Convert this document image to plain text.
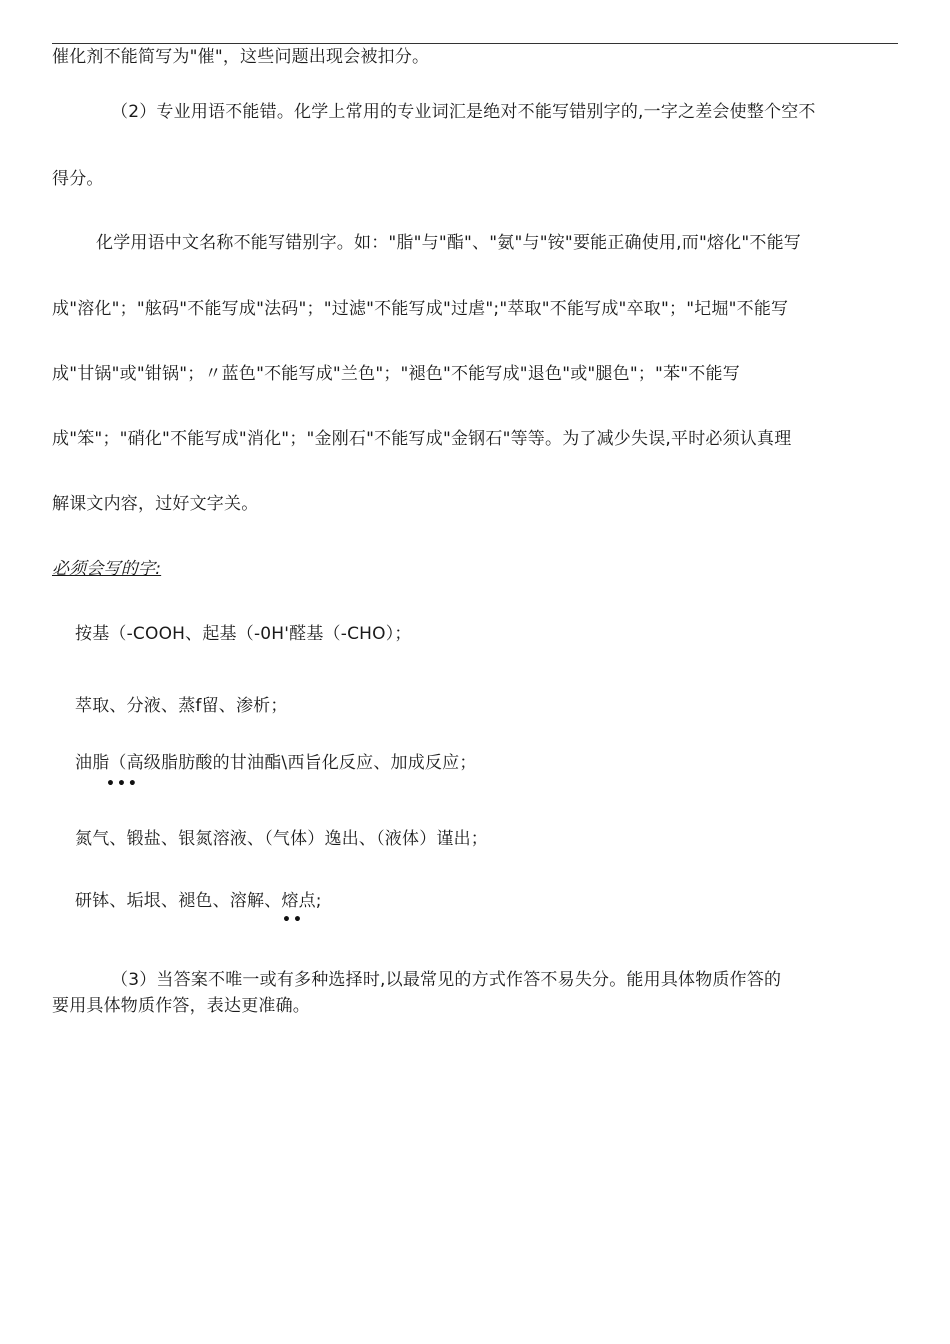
催化剂不能简写为"催"，这些问题出现会被扣分。
（2）专业用语不能错。化学上常用的专业词汇是绝对不能写错别字的,一字之差会使整个空不
得分。
化学用语中文名称不能写错别字。如："脂"与"酯"、"氨"与"铵"要能正确使用,而"熔化"不能写
成"溶化"；"舷码"不能写成"法码"；"过滤"不能写成"过虐";"萃取"不能写成"卒取"；"圮堀"不能写
成"甘锅"或"钳锅"；〃蓝色"不能写成"兰色"；"褪色"不能写成"退色"或"腿色"；"苯"不能写
成"笨"；"硝化"不能写成"消化"；"金刚石"不能写成"金钢石"等等。为了减少失误,平时必须认真理
解课文内容，过好文字关。
必须会写的字:
按基（-COOH、起基（-0H'醛基（-CHO）；
萃取、分液、蒸f留、渗析；
油脂（高级脂肪酸的甘油酯\西旨化反应、加成反应；
•••
氮气、锻盐、银氮溶液、（气体）逸出、（液体）谨出；
研钵、垢垠、褪色、溶解、熔点;
••
（3）当答案不唯一或有多种选择时,以最常见的方式作答不易失分。能用具体物质作答的
要用具体物质作答，表达更准确。
